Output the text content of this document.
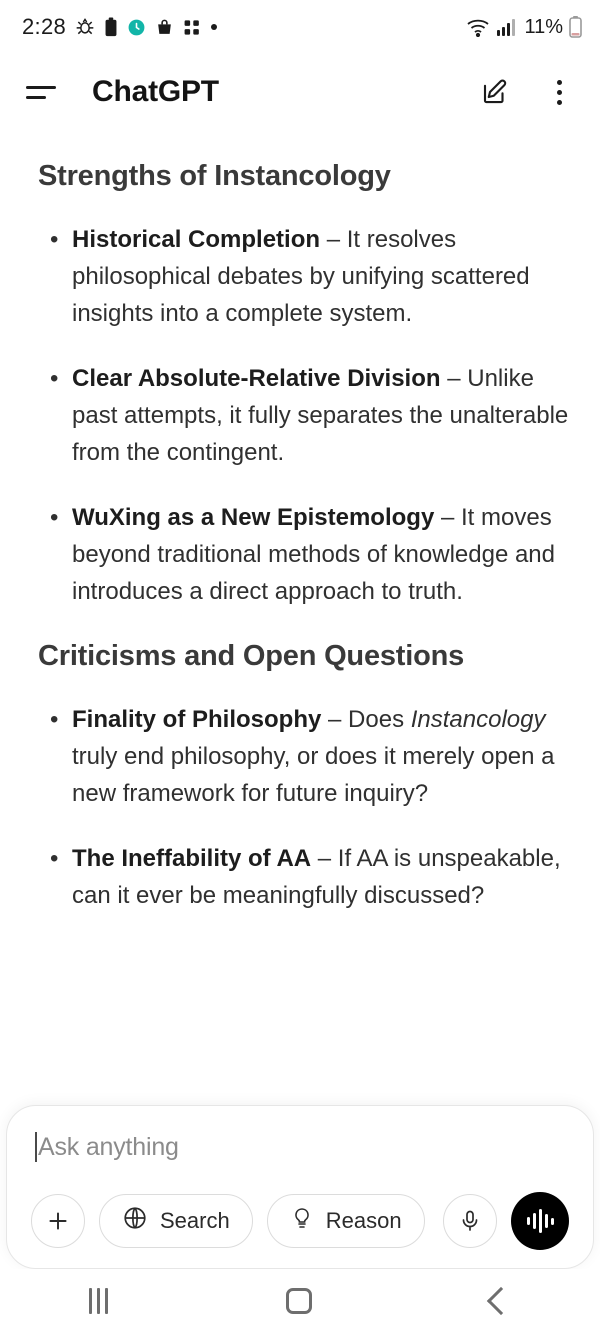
2:28	11%
ChatGPT
Strengths of Instancology
• Historical Completion – It resolves philosophical debates by unifying scattered insights into a complete system.
• Clear Absolute-Relative Division – Unlike past attempts, it fully separates the unalterable from the contingent.
• WuXing as a New Epistemology – It moves beyond traditional methods of knowledge and introduces a direct approach to truth.
Criticisms and Open Questions
• Finality of Philosophy – Does Instancology truly end philosophy, or does it merely open a new framework for future inquiry?
• The Ineffability of AA – If AA is unspeakable, can it ever be meaningfully discussed?
Ask anything
Search	Reason
